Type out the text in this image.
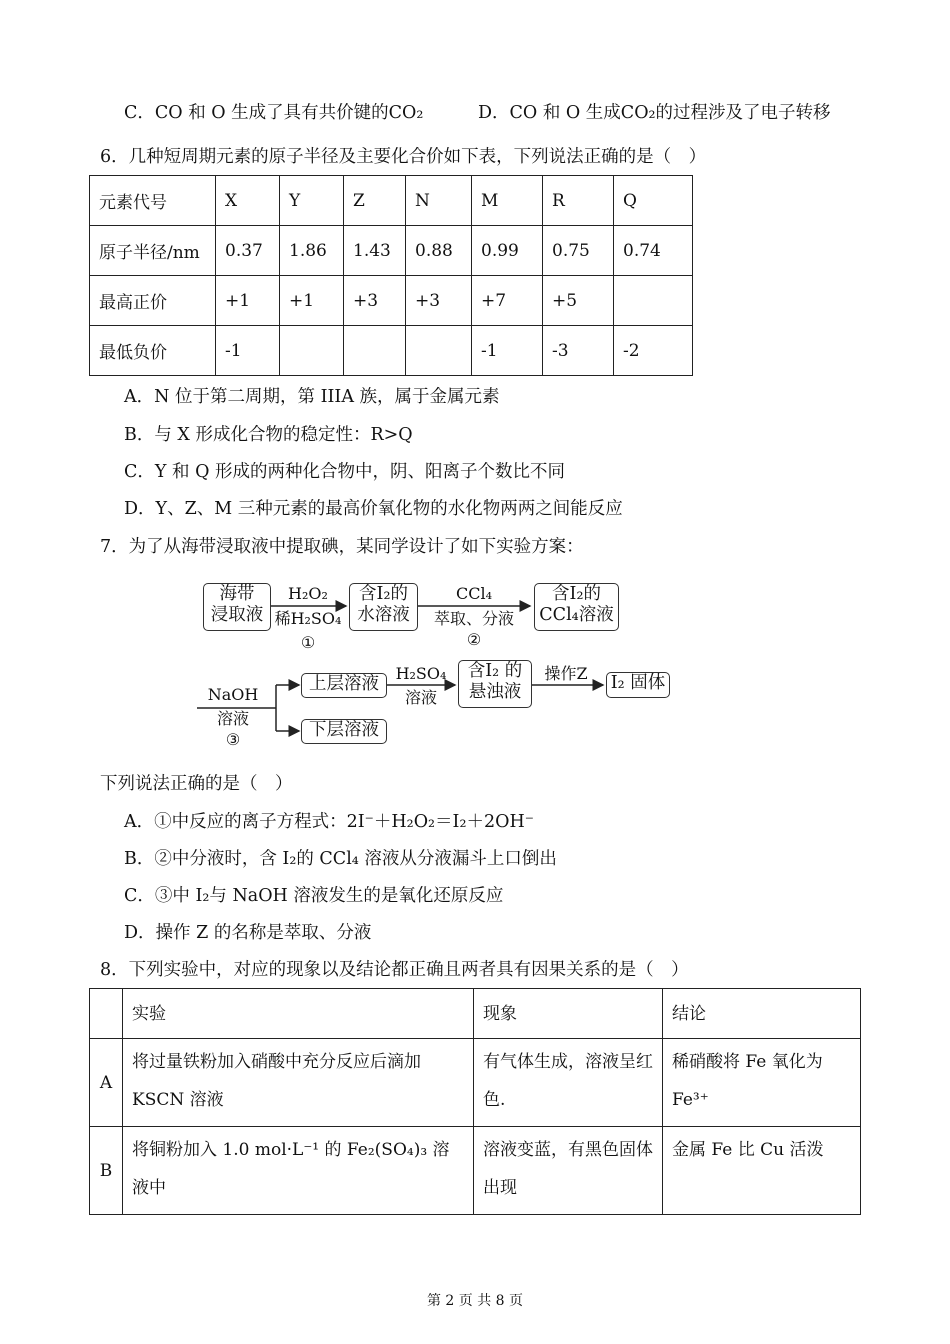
C．CO 和 O 生成了具有共价键的CO₂	D．CO 和 O 生成CO₂的过程涉及了电子转移
6．几种短周期元素的原子半径及主要化合价如下表，下列说法正确的是（　）
元素代号	X	Y	Z	N	M	R	Q
原子半径/nm	0.37	1.86	1.43	0.88	0.99	0.75	0.74
最高正价	+1	+1	+3	+3	+7	+5	
最低负价	-1				-1	-3	-2
A．N 位于第二周期，第 IIIA 族，属于金属元素
B．与 X 形成化合物的稳定性：R>Q
C．Y 和 Q 形成的两种化合物中，阴、阳离子个数比不同
D．Y、Z、M 三种元素的最高价氧化物的水化物两两之间能反应
7．为了从海带浸取液中提取碘，某同学设计了如下实验方案：
海带
浸取液
H₂O₂
稀H₂SO₄
①
含I₂的
水溶液
CCl₄
萃取、分液
②
含I₂的
CCl₄溶液
NaOH
溶液
③
上层溶液
下层溶液
H₂SO₄
溶液
含I₂ 的
悬浊液
操作Z	I₂ 固体
下列说法正确的是（　）
A．①中反应的离子方程式：2I⁻＋H₂O₂＝I₂＋2OH⁻
B．②中分液时，含 I₂的 CCl₄ 溶液从分液漏斗上口倒出
C．③中 I₂与 NaOH 溶液发生的是氧化还原反应
D．操作 Z 的名称是萃取、分液
8．下列实验中，对应的现象以及结论都正确且两者具有因果关系的是（　）
	实验	现象	结论
A	将过量铁粉加入硝酸中充分反应后滴加KSCN 溶液	有气体生成，溶液呈红色.	稀硝酸将 Fe 氧化为Fe³⁺
B	将铜粉加入 1.0 mol·L⁻¹ 的 Fe₂(SO₄)₃ 溶液中	溶液变蓝，有黑色固体出现	金属 Fe 比 Cu 活泼
第 2 页 共 8 页
